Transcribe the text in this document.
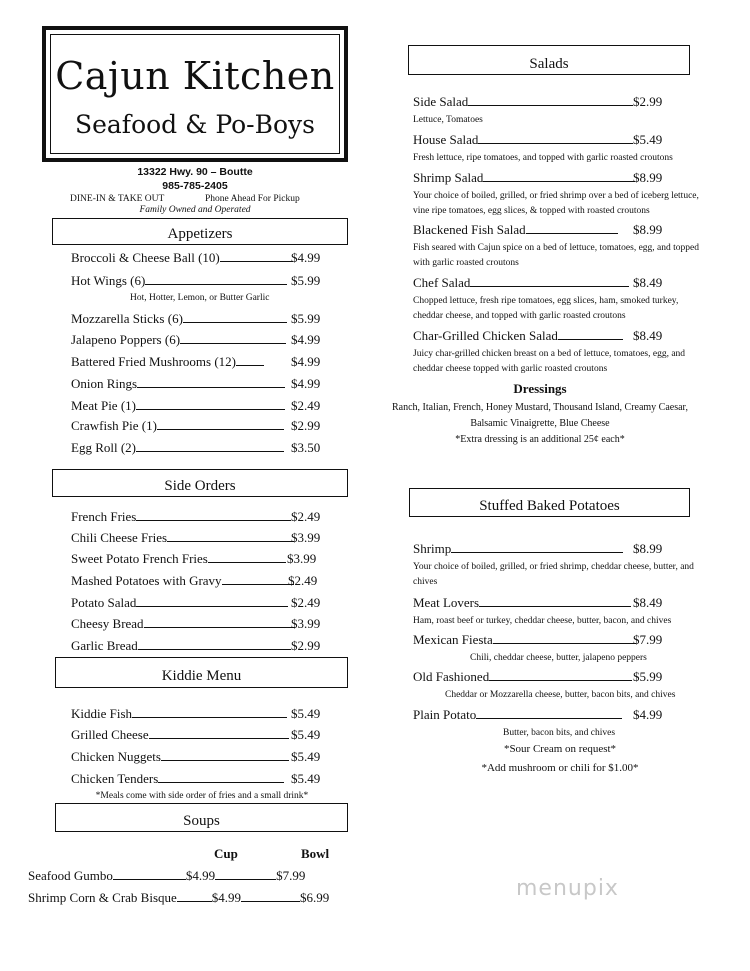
Cajun Kitchen
Seafood & Po-Boys
13322 Hwy. 90 – Boutte
985-785-2405
DINE-IN & TAKE OUT	Phone Ahead For Pickup
Family Owned and Operated
Appetizers
Broccoli & Cheese Ball (10)	$4.99
Hot Wings (6)	$5.99
Hot, Hotter, Lemon, or Butter Garlic
Mozzarella Sticks (6)	$5.99
Jalapeno Poppers (6)	$4.99
Battered Fried Mushrooms (12)	$4.99
Onion Rings	$4.99
Meat Pie (1)	$2.49
Crawfish Pie (1)	$2.99
Egg Roll (2)	$3.50
Side Orders
French Fries	$2.49
Chili Cheese Fries	$3.99
Sweet Potato French Fries	$3.99
Mashed Potatoes with Gravy	$2.49
Potato Salad	$2.49
Cheesy Bread	$3.99
Garlic Bread	$2.99
Kiddie Menu
Kiddie Fish	$5.49
Grilled Cheese	$5.49
Chicken Nuggets	$5.49
Chicken Tenders	$5.49
*Meals come with side order of fries and a small drink*
Soups
Cup	Bowl
Seafood Gumbo	$4.99	$7.99
Shrimp Corn & Crab Bisque	$4.99	$6.99
Salads
Side Salad	$2.99
Lettuce, Tomatoes
House Salad	$5.49
Fresh lettuce, ripe tomatoes, and topped with garlic roasted croutons
Shrimp Salad	$8.99
Your choice of boiled, grilled, or fried shrimp over a bed of iceberg lettuce,
vine ripe tomatoes, egg slices, & topped with roasted croutons
Blackened Fish Salad	$8.99
Fish seared with Cajun spice on a bed of lettuce, tomatoes, egg, and topped
with garlic roasted croutons
Chef Salad	$8.49
Chopped lettuce, fresh ripe tomatoes, egg slices, ham, smoked turkey,
cheddar cheese, and topped with garlic roasted croutons
Char-Grilled Chicken Salad	$8.49
Juicy char-grilled chicken breast on a bed of lettuce, tomatoes, egg, and
cheddar cheese topped with garlic roasted croutons
Dressings
Ranch, Italian, French, Honey Mustard, Thousand Island, Creamy Caesar,
Balsamic Vinaigrette, Blue Cheese
*Extra dressing is an additional 25¢ each*
Stuffed Baked Potatoes
Shrimp	$8.99
Your choice of boiled, grilled, or fried shrimp, cheddar cheese, butter, and
chives
Meat Lovers	$8.49
Ham, roast beef or turkey, cheddar cheese, butter, bacon, and chives
Mexican Fiesta	$7.99
Chili, cheddar cheese, butter, jalapeno peppers
Old Fashioned	$5.99
Cheddar or Mozzarella cheese, butter, bacon bits, and chives
Plain Potato	$4.99
Butter, bacon bits, and chives
*Sour Cream on request*
*Add mushroom or chili for $1.00*
menupix
